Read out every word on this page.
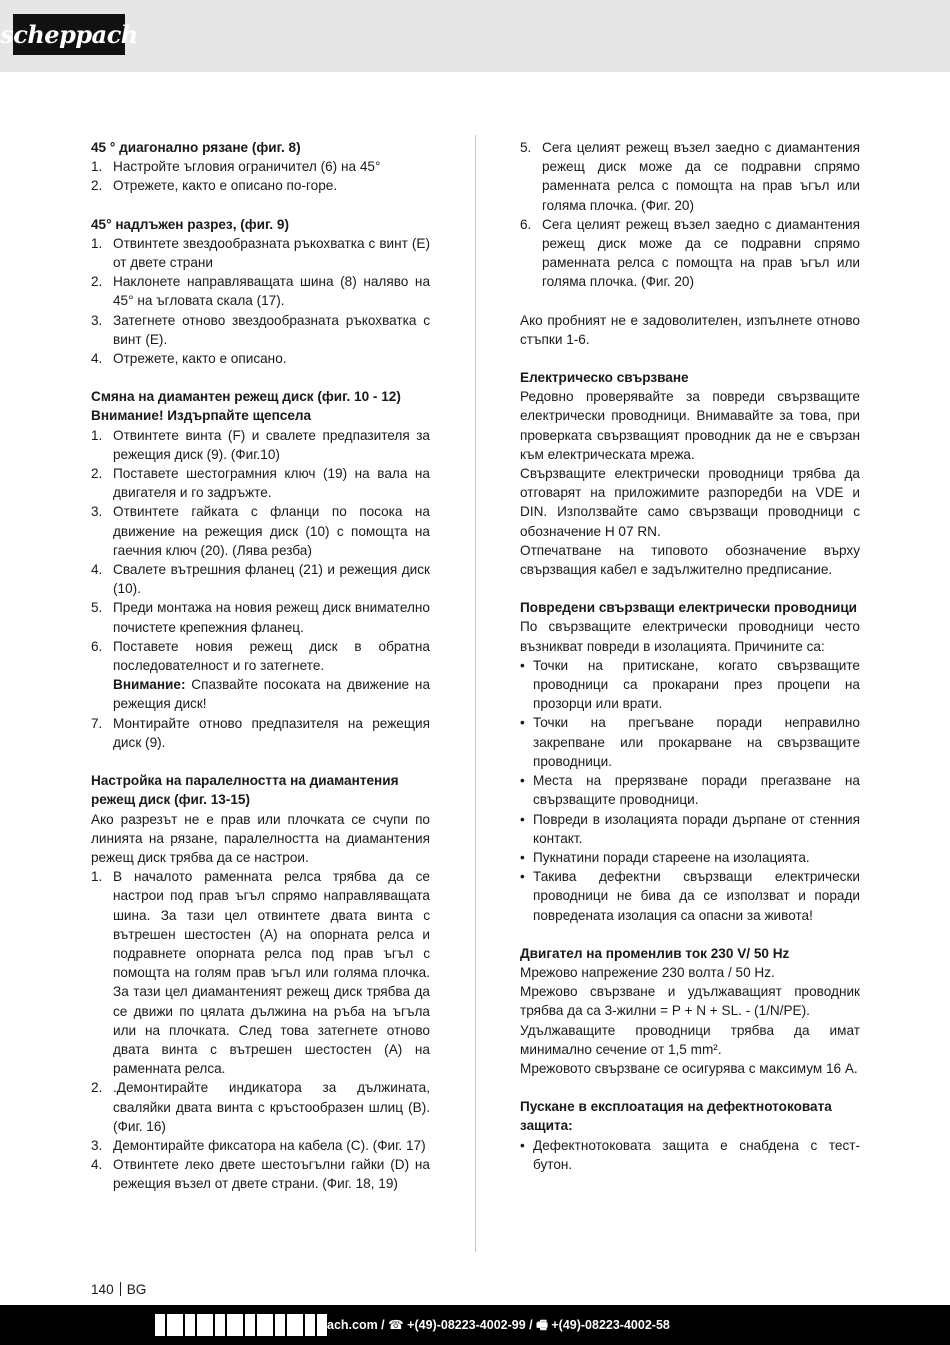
scheppach
45 ° диагонално рязане (фиг. 8)
1. Настройте ъгловия ограничител (6) на 45°
2. Отрежете, както е описано по-горе.
45° надлъжен разрез, (фиг. 9)
1. Отвинтете звездообразната ръкохватка с винт (E) от двете страни
2. Наклонете направляващата шина (8) наляво на 45° на ъгловата скала (17).
3. Затегнете отново звездообразната ръкохватка с винт (E).
4. Отрежете, както е описано.
Смяна на диамантен режещ диск (фиг. 10 - 12)
Внимание! Издърпайте щепсела
1. Отвинтете винта (F) и свалете предпазителя за режещия диск (9). (Фиг.10)
2. Поставете шестограмния ключ (19) на вала на двигателя и го задръжте.
3. Отвинтете гайката с фланци по посока на движение на режещия диск (10) с помощта на гаечния ключ (20). (Лява резба)
4. Свалете вътрешния фланец (21) и режещия диск (10).
5. Преди монтажа на новия режещ диск внимателно почистете крепежния фланец.
6. Поставете новия режещ диск в обратна последователност и го затегнете.
Внимание: Спазвайте посоката на движение на режещия диск!
7. Монтирайте отново предпазителя на режещия диск (9).
Настройка на паралелността на диамантения режещ диск (фиг. 13-15)

Ако разрезът не е прав или плочката се счупи по линията на рязане, паралелността на диамантения режещ диск трябва да се настрои.

1. В началото раменната релса трябва да се настрои под прав ъгъл спрямо направляващата шина. За тази цел отвинтете двата винта с вътрешен шестостен (A) на опорната релса и подравнете опорната релса под прав ъгъл с помощта на голям прав ъгъл или голяма плочка. За тази цел диамантеният режещ диск трябва да се движи по цялата дължина на ръба на ъгъла или на плочката. След това затегнете отново двата винта с вътрешен шестостен (A) на раменната релса.
2. .Демонтирайте индикатора за дължината, сваляйки двата винта с кръстообразен шлиц (B). (Фиг. 16)
3. Демонтирайте фиксатора на кабела (C). (Фиг. 17)
4. Отвинтете леко двете шестоъгълни гайки (D) на режещия възел от двете страни. (Фиг. 18, 19)
5. Сега целият режещ възел заедно с диамантения режещ диск може да се подравни спрямо раменната релса с помощта на прав ъгъл или голяма плочка. (Фиг. 20)
6. Сега целият режещ възел заедно с диамантения режещ диск може да се подравни спрямо раменната релса с помощта на прав ъгъл или голяма плочка. (Фиг. 20)

Ако пробният не е задоволителен, изпълнете отново стъпки 1-6.

Електрическо свързване

Редовно проверявайте за повреди свързващите електрически проводници. Внимавайте за това, при проверката свързващият проводник да не е свързан към електрическата мрежа.

Свързващите електрически проводници трябва да отговарят на приложимите разпоредби на VDE и DIN. Използвайте само свързващи проводници с обозначение H 07 RN.

Отпечатване на типовото обозначение върху свързващия кабел е задължително предписание.

Повредени свързващи електрически проводници

По свързващите електрически проводници често възникват повреди в изолацията. Причините са:

• Точки на притискане, когато свързващите проводници са прокарани през процепи на прозорци или врати.
• Точки на прегъване поради неправилно закрепване или прокарване на свързващите проводници.
• Места на прерязване поради прегазване на свързващите проводници.
• Повреди в изолацията поради дърпане от стенния контакт.
• Пукнатини поради стареене на изолацията.
• Такива дефектни свързващи електрически проводници не бива да се използват и поради повредената изолация са опасни за живота!
Двигател на променлив ток 230 V/ 50 Hz

Мрежово напрежение 230 волта / 50 Hz.

Мрежово свързване и удължаващият проводник трябва да са 3-жилни = P + N + SL. - (1/N/PE).

Удължаващите проводници трябва да имат минимално сечение от 1,5 mm².

Мрежовото свързване се осигурява с максимум 16 A.

Пускане в експлоатация на дефектнотоковата защита:
• Дефектнотоковата защита е снабдена с тест-бутон.
140 BG
ach.com / ☎ +(49)-08223-4002-99 / 🖷 +(49)-08223-4002-58
